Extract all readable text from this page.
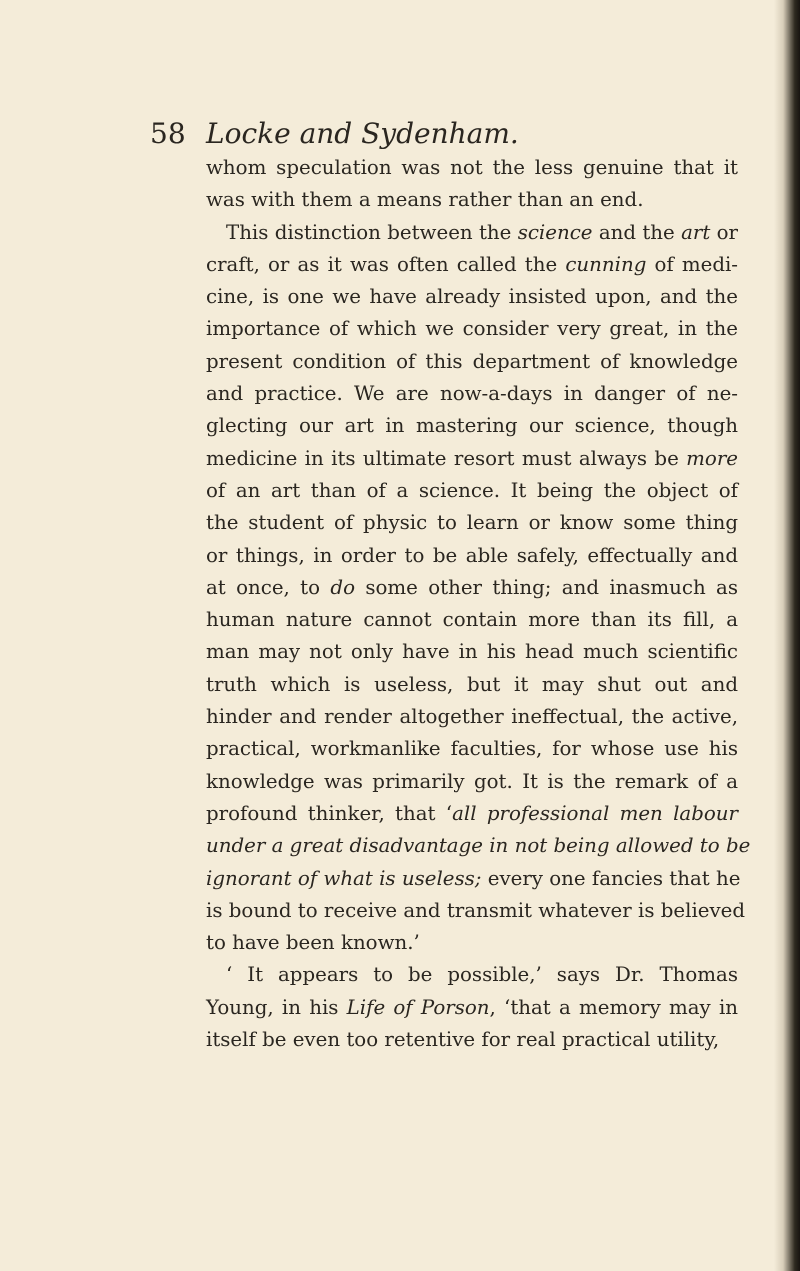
58 Locke and Sydenham.
whom speculation was not the less genuine that it
was with them a means rather than an end.
This distinction between the science and the art or
craft, or as it was often called the cunning of medi-
cine, is one we have already insisted upon, and the
importance of which we consider very great, in the
present condition of this department of knowledge
and practice. We are now-a-days in danger of ne-
glecting our art in mastering our science, though
medicine in its ultimate resort must always be more
of an art than of a science. It being the object of
the student of physic to learn or know some thing
or things, in order to be able safely, effectually and
at once, to do some other thing; and inasmuch as
human nature cannot contain more than its fill, a
man may not only have in his head much scientific
truth which is useless, but it may shut out and
hinder and render altogether ineffectual, the active,
practical, workmanlike faculties, for whose use his
knowledge was primarily got. It is the remark of a
profound thinker, that ‘all professional men labour
under a great disadvantage in not being allowed to be
ignorant of what is useless; every one fancies that he
is bound to receive and transmit whatever is believed
to have been known.’
‘ It appears to be possible,’ says Dr. Thomas
Young, in his Life of Porson, ‘that a memory may in
itself be even too retentive for real practical utility,
